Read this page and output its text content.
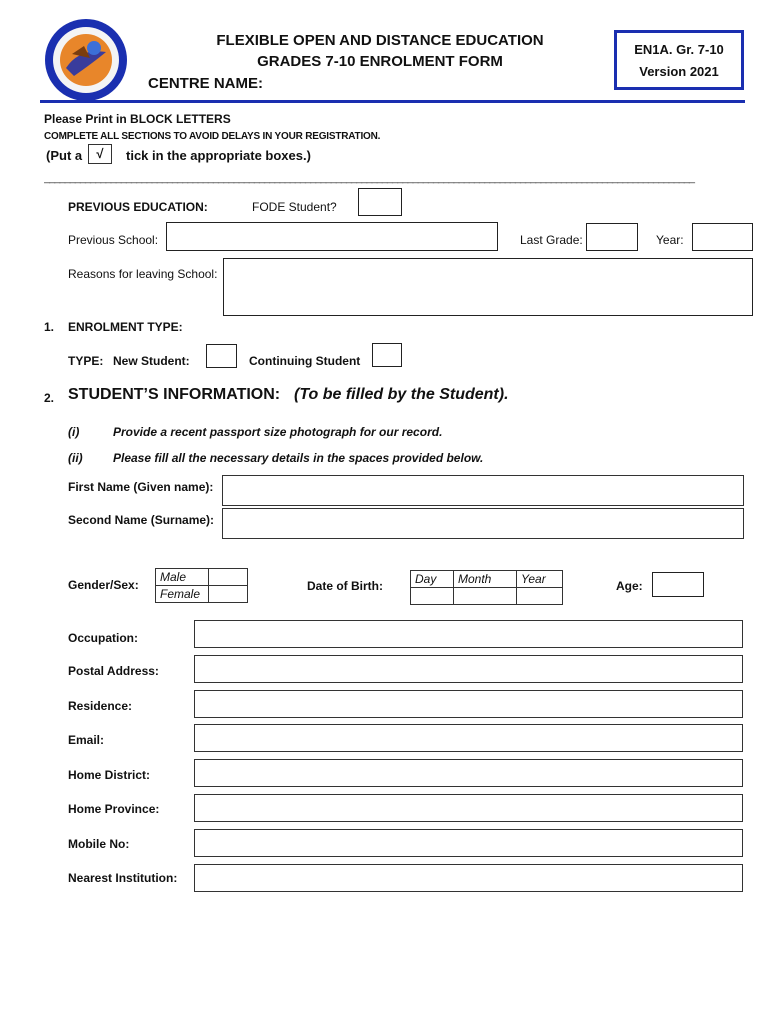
FLEXIBLE OPEN AND DISTANCE EDUCATION
GRADES 7-10 ENROLMENT FORM
CENTRE NAME:
EN1A. Gr. 7-10
Version 2021
Please Print in BLOCK LETTERS
COMPLETE ALL SECTIONS TO AVOID DELAYS IN YOUR REGISTRATION.
(Put a	√	tick in the appropriate boxes.)
_______________________________________________________________________________________________________________________________
PREVIOUS EDUCATION:	FODE Student?
Previous School:	Last Grade:	Year:
Reasons for leaving School:
1. ENROLMENT TYPE:
TYPE: New Student:	Continuing Student
2. STUDENT’S INFORMATION: (To be filled by the Student).
(i)	Provide a recent passport size photograph for our record.
(ii)	Please fill all the necessary details in the spaces provided below.
First Name (Given name):
Second Name (Surname):
Gender/Sex:
Male	
Female	
Date of Birth:	Day	Month	Year
			Age:
Occupation:
Postal Address:
Residence:
Email:
Home District:
Home Province:
Mobile No:
Nearest Institution:
